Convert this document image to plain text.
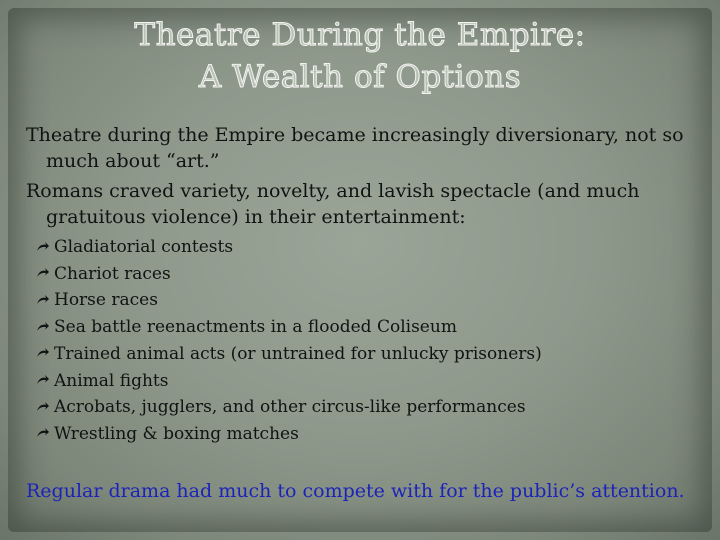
Theatre During the Empire:
A Wealth of Options
Theatre during the Empire became increasingly diversionary, not so much about “art.”
Romans craved variety, novelty, and lavish spectacle (and much gratuitous violence) in their entertainment:
Gladiatorial contests
Chariot races
Horse races
Sea battle reenactments in a flooded Coliseum
Trained animal acts (or untrained for unlucky prisoners)
Animal fights
Acrobats, jugglers, and other circus-like performances
Wrestling & boxing matches
Regular drama had much to compete with for the public’s attention.
